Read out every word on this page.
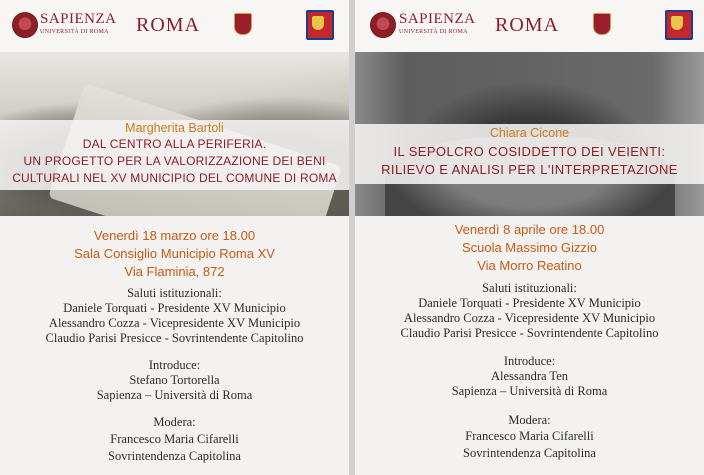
SAPIENZA
UNIVERSITÀ DI ROMA	ROMA
Margherita Bartoli
DAL CENTRO ALLA PERIFERIA.
UN PROGETTO PER LA VALORIZZAZIONE DEI BENI
CULTURALI NEL XV MUNICIPIO DEL COMUNE DI ROMA
Venerdì 18 marzo ore 18.00
Sala Consiglio Municipio Roma XV
Via Flaminia, 872
Saluti istituzionali:
Daniele Torquati - Presidente XV Municipio
Alessandro Cozza - Vicepresidente XV Municipio
Claudio Parisi Presicce - Sovrintendente Capitolino
Introduce:
Stefano Tortorella
Sapienza – Università di Roma
Modera:
Francesco Maria Cifarelli
Sovrintendenza Capitolina
SAPIENZA
UNIVERSITÀ DI ROMA	ROMA
Chiara Cicone
IL SEPOLCRO COSIDDETTO DEI VEIENTI:
RILIEVO E ANALISI PER L'INTERPRETAZIONE
Venerdì 8 aprile ore 18.00
Scuola Massimo Gizzio
Via Morro Reatino
Saluti istituzionali:
Daniele Torquati - Presidente XV Municipio
Alessandro Cozza - Vicepresidente XV Municipio
Claudio Parisi Presicce - Sovrintendente Capitolino
Introduce:
Alessandra Ten
Sapienza – Università di Roma
Modera:
Francesco Maria Cifarelli
Sovrintendenza Capitolina
